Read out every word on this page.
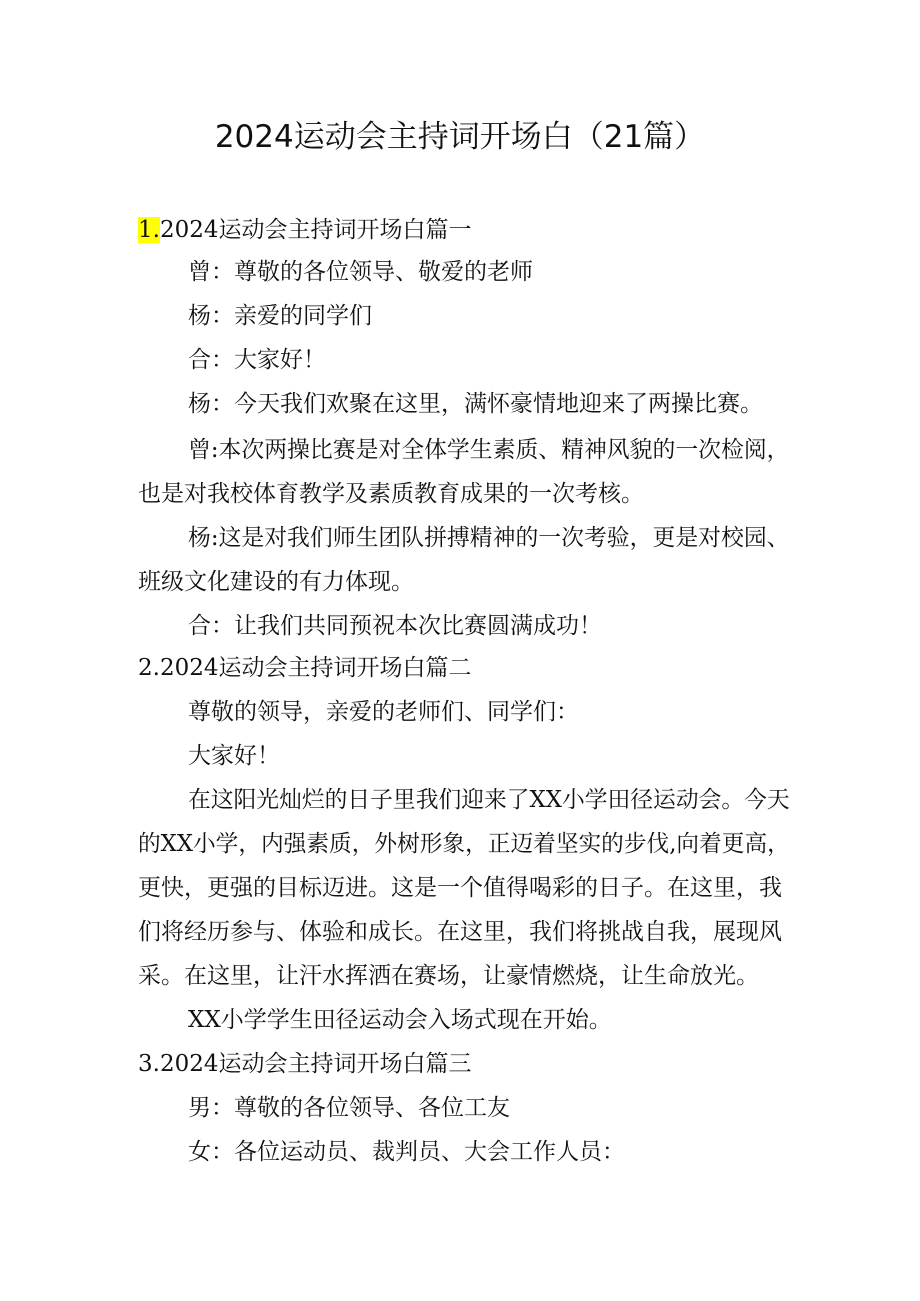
2024运动会主持词开场白（21篇）
1.2024运动会主持词开场白篇一
曾：尊敬的各位领导、敬爱的老师
杨：亲爱的同学们
合：大家好！
杨：今天我们欢聚在这里，满怀豪情地迎来了两操比赛。
曾:本次两操比赛是对全体学生素质、精神风貌的一次检阅，
也是对我校体育教学及素质教育成果的一次考核。
杨:这是对我们师生团队拼搏精神的一次考验，更是对校园、
班级文化建设的有力体现。
合：让我们共同预祝本次比赛圆满成功！
2.2024运动会主持词开场白篇二
尊敬的领导，亲爱的老师们、同学们：
大家好！
在这阳光灿烂的日子里我们迎来了XX小学田径运动会。今天
的XX小学，内强素质，外树形象，正迈着坚实的步伐,向着更高，
更快，更强的目标迈进。这是一个值得喝彩的日子。在这里，我
们将经历参与、体验和成长。在这里，我们将挑战自我，展现风
采。在这里，让汗水挥洒在赛场，让豪情燃烧，让生命放光。
XX小学学生田径运动会入场式现在开始。
3.2024运动会主持词开场白篇三
男：尊敬的各位领导、各位工友
女：各位运动员、裁判员、大会工作人员：
